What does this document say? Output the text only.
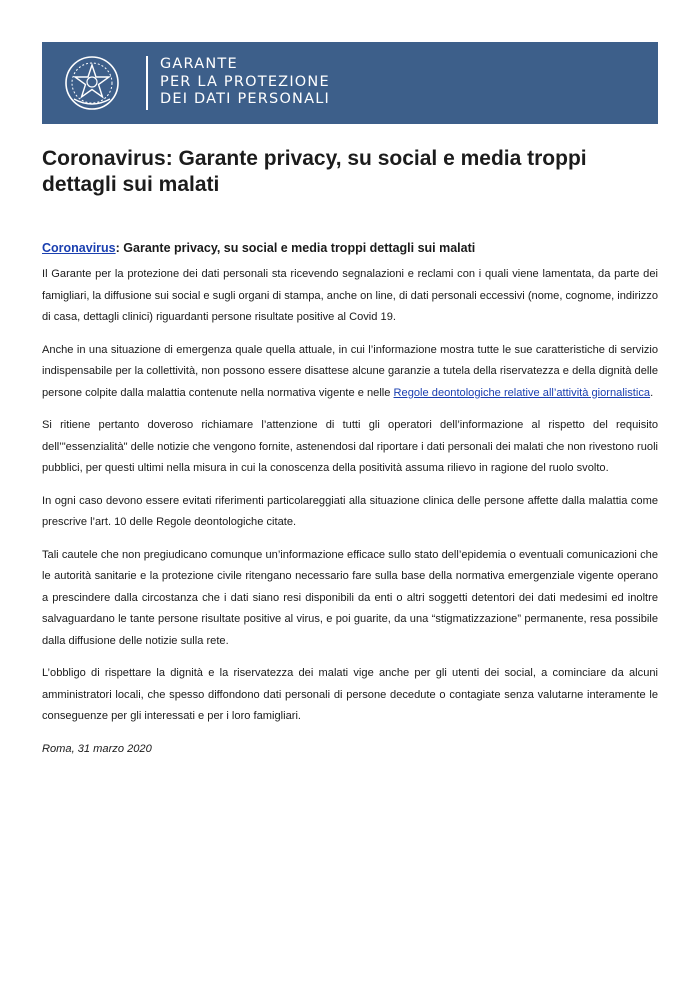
GARANTE
PER LA PROTEZIONE
DEI DATI PERSONALI
Coronavirus: Garante privacy, su social e media troppi dettagli sui malati
Coronavirus: Garante privacy, su social e media troppi dettagli sui malati

Il Garante per la protezione dei dati personali sta ricevendo segnalazioni e reclami con i quali viene lamentata, da parte dei famigliari, la diffusione sui social e sugli organi di stampa, anche on line, di dati personali eccessivi (nome, cognome, indirizzo di casa, dettagli clinici) riguardanti persone risultate positive al Covid 19.

Anche in una situazione di emergenza quale quella attuale, in cui l’informazione mostra tutte le sue caratteristiche di servizio indispensabile per la collettività, non possono essere disattese alcune garanzie a tutela della riservatezza e della dignità delle persone colpite dalla malattia contenute nella normativa vigente e nelle Regole deontologiche relative all’attività giornalistica.

Si ritiene pertanto doveroso richiamare l’attenzione di tutti gli operatori dell’informazione al rispetto del requisito dell’"essenzialità" delle notizie che vengono fornite, astenendosi dal riportare i dati personali dei malati che non rivestono ruoli pubblici, per questi ultimi nella misura in cui la conoscenza della positività assuma rilievo in ragione del ruolo svolto.

In ogni caso devono essere evitati riferimenti particolareggiati alla situazione clinica delle persone affette dalla malattia come prescrive l’art. 10 delle Regole deontologiche citate.

Tali cautele che non pregiudicano comunque un’informazione efficace sullo stato dell’epidemia o eventuali comunicazioni che le autorità sanitarie e la protezione civile ritengano necessario fare sulla base della normativa emergenziale vigente operano a prescindere dalla circostanza che i dati siano resi disponibili da enti o altri soggetti detentori dei dati medesimi ed inoltre salvaguardano le tante persone risultate positive al virus, e poi guarite, da una “stigmatizzazione” permanente, resa possibile dalla diffusione delle notizie sulla rete.

L’obbligo di rispettare la dignità e la riservatezza dei malati vige anche per gli utenti dei social, a cominciare da alcuni amministratori locali, che spesso diffondono dati personali di persone decedute o contagiate senza valutarne interamente le conseguenze per gli interessati e per i loro famigliari.

Roma, 31 marzo 2020
